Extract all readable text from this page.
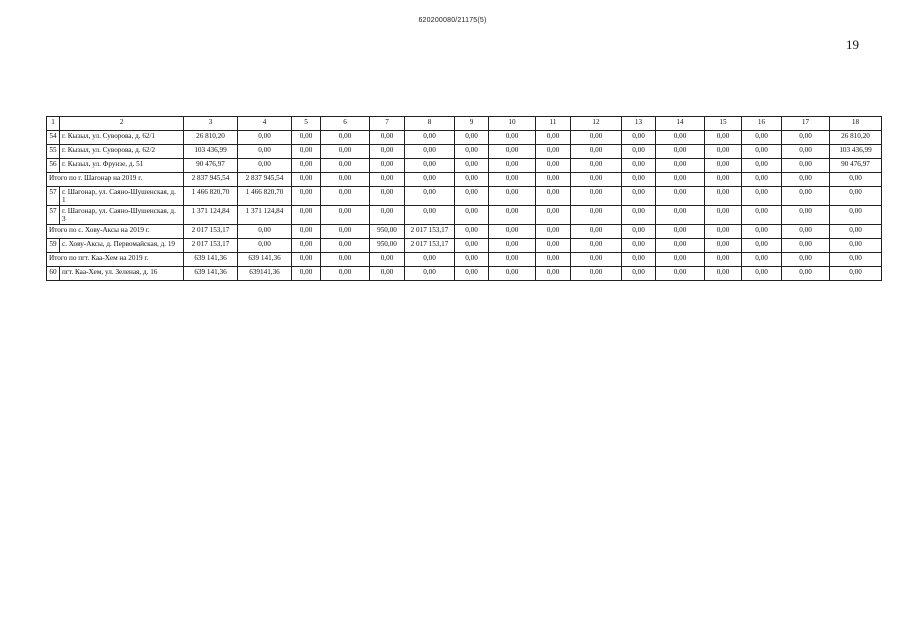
620200080/21175(5)
19
1	2	3	4	5	6	7	8	9	10	11	12	13	14	15	16	17	18
54	г. Кызыл, ул. Суворова, д. 62/1	26 810,20	0,00	0,00	0,00	0,00	0,00	0,00	0,00	0,00	0,00	0,00	0,00	0,00	0,00	0,00	26 810,20
55	г. Кызыл, ул. Суворова, д. 62/2	103 436,99	0,00	0,00	0,00	0,00	0,00	0,00	0,00	0,00	0,00	0,00	0,00	0,00	0,00	0,00	103 436,99
56	г. Кызыл, ул. Фрунзе, д. 51	90 476,97	0,00	0,00	0,00	0,00	0,00	0,00	0,00	0,00	0,00	0,00	0,00	0,00	0,00	0,00	90 476,97
Итого по г. Шагонар на 2019 г.		2 837 945,54	2 837 945,54	0,00	0,00	0,00	0,00	0,00	0,00	0,00	0,00	0,00	0,00	0,00	0,00	0,00	0,00
57	г. Шагонар, ул. Саяно-Шушенская, д. 1	1 466 820,70	1 466 820,70	0,00	0,00	0,00	0,00	0,00	0,00	0,00	0,00	0,00	0,00	0,00	0,00	0,00	0,00
57	г. Шагонар, ул. Саяно-Шушенская, д. 3	1 371 124,84	1 371 124,84	0,00	0,00	0,00	0,00	0,00	0,00	0,00	0,00	0,00	0,00	0,00	0,00	0,00	0,00
Итого по с. Хову-Аксы на 2019 г.		2 017 153,17	0,00	0,00	0,00	950,00	2 017 153,17	0,00	0,00	0,00	0,00	0,00	0,00	0,00	0,00	0,00	0,00
59	с. Хову-Аксы, д. Первомайская, д. 19	2 017 153,17	0,00	0,00	0,00	950,00	2 017 153,17	0,00	0,00	0,00	0,00	0,00	0,00	0,00	0,00	0,00	0,00
Итого по пгт. Каа-Хем на 2019 г.		639 141,36	639 141,36	0,00	0,00	0,00	0,00	0,00	0,00	0,00	0,00	0,00	0,00	0,00	0,00	0,00	0,00
60	пгт. Каа-Хем, ул. Зеленая, д. 16	639 141,36	639141,36	0,00	0,00	0,00	0,00	0,00	0,00	0,00	0,00	0,00	0,00	0,00	0,00	0,00	0,00
